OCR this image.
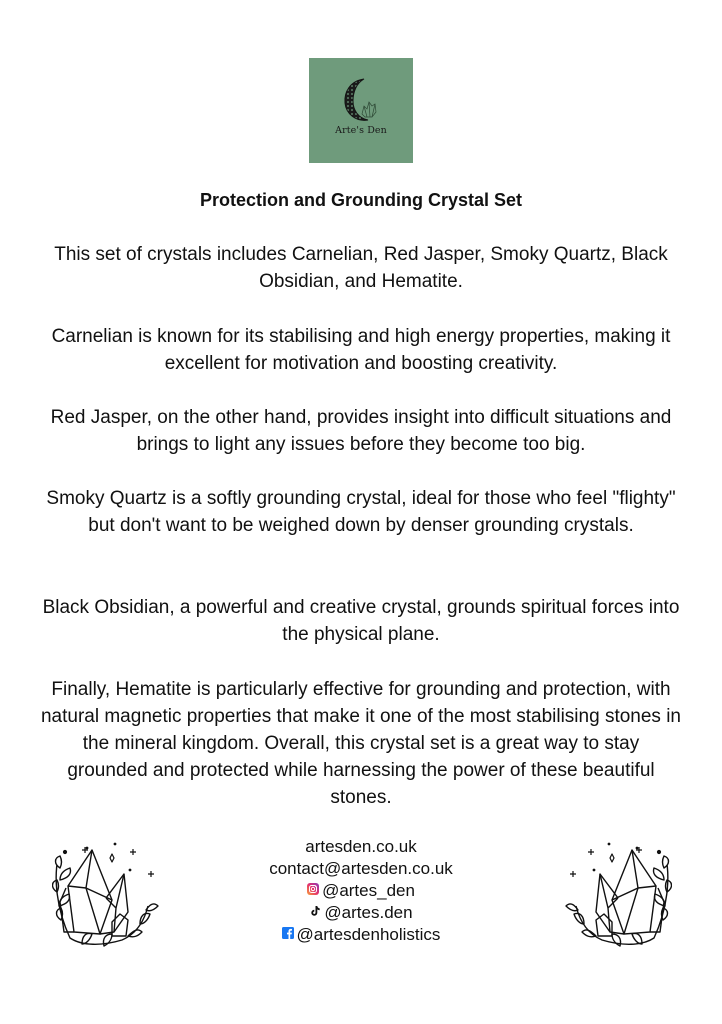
Arte's Den
Protection and Grounding Crystal Set
This set of crystals includes Carnelian, Red Jasper, Smoky Quartz, Black Obsidian, and Hematite.
Carnelian is known for its stabilising and high energy properties, making it excellent for motivation and boosting creativity.
Red Jasper, on the other hand, provides insight into difficult situations and brings to light any issues before they become too big.
Smoky Quartz is a softly grounding crystal, ideal for those who feel "flighty" but don't want to be weighed down by denser grounding crystals.
Black Obsidian, a powerful and creative crystal, grounds spiritual forces into the physical plane.
Finally, Hematite is particularly effective for grounding and protection, with natural magnetic properties that make it one of the most stabilising stones in the mineral kingdom. Overall, this crystal set is a great way to stay grounded and protected while harnessing the power of these beautiful stones.
artesden.co.uk
contact@artesden.co.uk
@artes_den
@artes.den
@artesdenholistics
